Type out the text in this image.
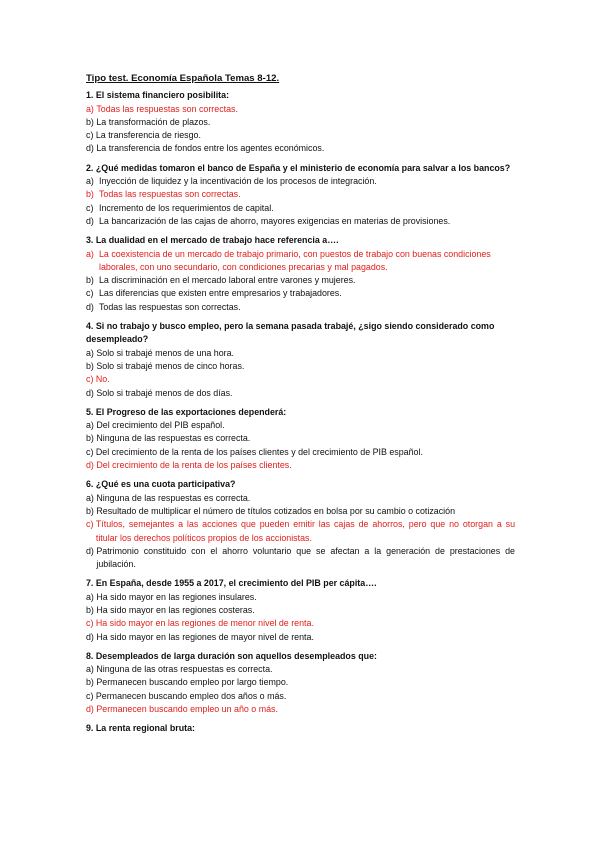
Tipo test. Economía Española Temas 8-12.
1. El sistema financiero posibilita:
a) Todas las respuestas son correctas.
b) La transformación de plazos.
c) La transferencia de riesgo.
d) La transferencia de fondos entre los agentes económicos.
2. ¿Qué medidas tomaron el banco de España y el ministerio de economía para salvar a los bancos?
a) Inyección de liquidez y la incentivación de los procesos de integración.
b) Todas las respuestas son correctas.
c) Incremento de los requerimientos de capital.
d) La bancarización de las cajas de ahorro, mayores exigencias en materias de provisiones.
3. La dualidad en el mercado de trabajo hace referencia a….
a) La coexistencia de un mercado de trabajo primario, con puestos de trabajo con buenas condiciones laborales, con uno secundario, con condiciones precarias y mal pagados.
b) La discriminación en el mercado laboral entre varones y mujeres.
c) Las diferencias que existen entre empresarios y trabajadores.
d) Todas las respuestas son correctas.
4. Si no trabajo y busco empleo, pero la semana pasada trabajé, ¿sigo siendo considerado como desempleado?
a) Solo si trabajé menos de una hora.
b) Solo si trabajé menos de cinco horas.
c) No.
d) Solo si trabajé menos de dos días.
5. El Progreso de las exportaciones dependerá:
a) Del crecimiento del PIB español.
b) Ninguna de las respuestas es correcta.
c) Del crecimiento de la renta de los países clientes y del crecimiento de PIB español.
d) Del crecimiento de la renta de los países clientes.
6. ¿Qué es una cuota participativa?
a) Ninguna de las respuestas es correcta.
b) Resultado de multiplicar el número de títulos cotizados en bolsa por su cambio o cotización
c) Títulos, semejantes a las acciones que pueden emitir las cajas de ahorros, pero que no otorgan a su titular los derechos políticos propios de los accionistas.
d) Patrimonio constituido con el ahorro voluntario que se afectan a la generación de prestaciones de jubilación.
7. En España, desde 1955 a 2017, el crecimiento del PIB per cápita….
a) Ha sido mayor en las regiones insulares.
b) Ha sido mayor en las regiones costeras.
c) Ha sido mayor en las regiones de menor nivel de renta.
d) Ha sido mayor en las regiones de mayor nivel de renta.
8. Desempleados de larga duración son aquellos desempleados que:
a) Ninguna de las otras respuestas es correcta.
b) Permanecen buscando empleo por largo tiempo.
c) Permanecen buscando empleo dos años o más.
d) Permanecen buscando empleo un año o más.
9. La renta regional bruta:
